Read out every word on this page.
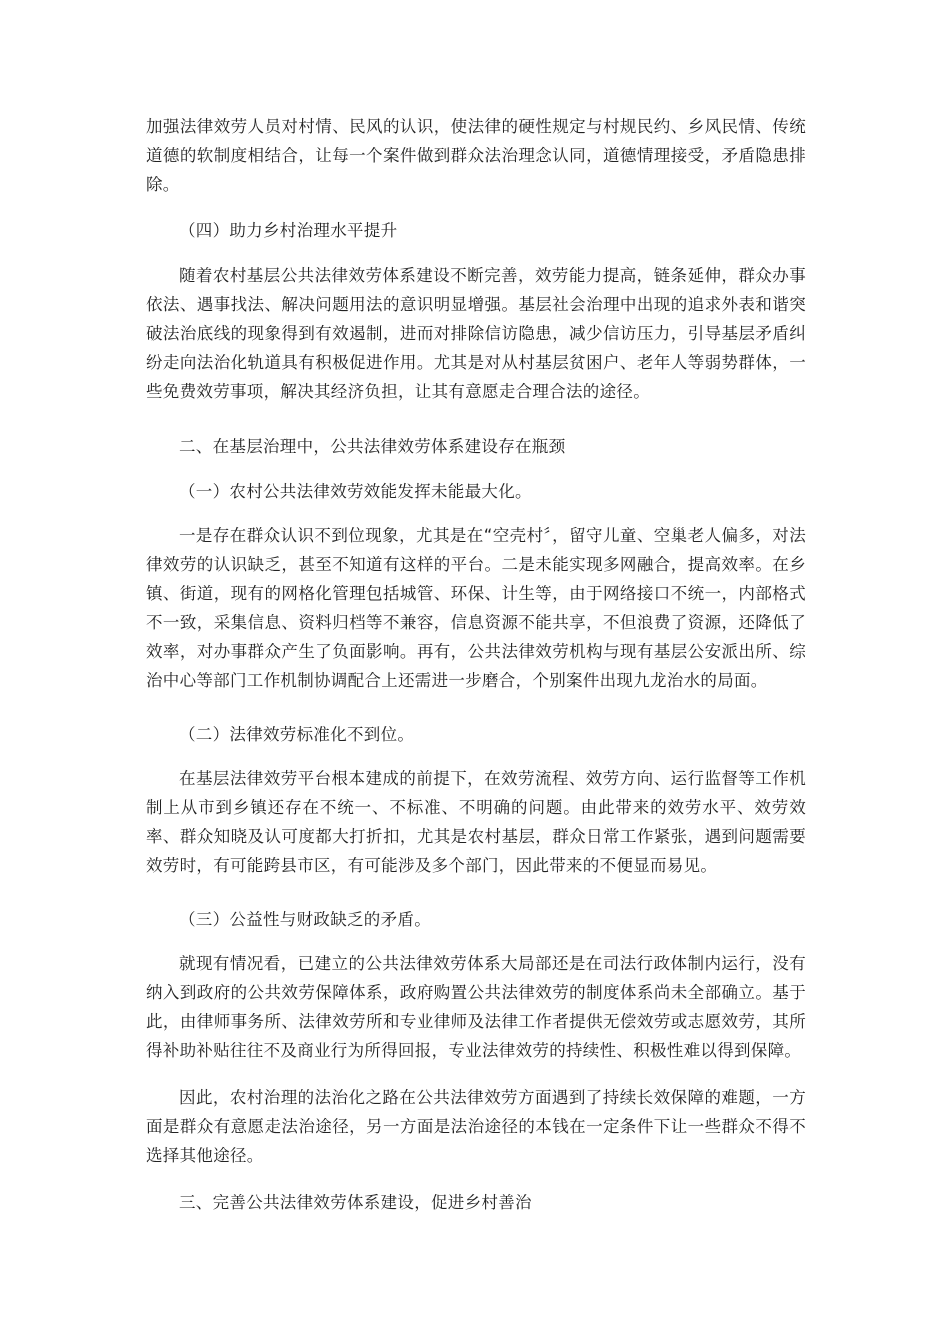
加强法律效劳人员对村情、民风的认识，使法律的硬性规定与村规民约、乡风民情、传统道德的软制度相结合，让每一个案件做到群众法治理念认同，道德情理接受，矛盾隐患排除。

（四）助力乡村治理水平提升

随着农村基层公共法律效劳体系建设不断完善，效劳能力提高，链条延伸，群众办事依法、遇事找法、解决问题用法的意识明显增强。基层社会治理中出现的追求外表和谐突破法治底线的现象得到有效遏制，进而对排除信访隐患，减少信访压力，引导基层矛盾纠纷走向法治化轨道具有积极促进作用。尤其是对从村基层贫困户、老年人等弱势群体，一些免费效劳事项，解决其经济负担，让其有意愿走合理合法的途径。

二、在基层治理中，公共法律效劳体系建设存在瓶颈

（一）农村公共法律效劳效能发挥未能最大化。

一是存在群众认识不到位现象，尤其是在“空壳村〞，留守儿童、空巢老人偏多，对法律效劳的认识缺乏，甚至不知道有这样的平台。二是未能实现多网融合，提高效率。在乡镇、街道，现有的网格化管理包括城管、环保、计生等，由于网络接口不统一，内部格式不一致，采集信息、资料归档等不兼容，信息资源不能共享，不但浪费了资源，还降低了效率，对办事群众产生了负面影响。再有，公共法律效劳机构与现有基层公安派出所、综治中心等部门工作机制协调配合上还需进一步磨合，个别案件出现九龙治水的局面。

（二）法律效劳标准化不到位。

在基层法律效劳平台根本建成的前提下，在效劳流程、效劳方向、运行监督等工作机制上从市到乡镇还存在不统一、不标准、不明确的问题。由此带来的效劳水平、效劳效率、群众知晓及认可度都大打折扣，尤其是农村基层，群众日常工作紧张，遇到问题需要效劳时，有可能跨县市区，有可能涉及多个部门，因此带来的不便显而易见。

（三）公益性与财政缺乏的矛盾。

就现有情况看，已建立的公共法律效劳体系大局部还是在司法行政体制内运行，没有纳入到政府的公共效劳保障体系，政府购置公共法律效劳的制度体系尚未全部确立。基于此，由律师事务所、法律效劳所和专业律师及法律工作者提供无偿效劳或志愿效劳，其所得补助补贴往往不及商业行为所得回报，专业法律效劳的持续性、积极性难以得到保障。

因此，农村治理的法治化之路在公共法律效劳方面遇到了持续长效保障的难题，一方面是群众有意愿走法治途径，另一方面是法治途径的本钱在一定条件下让一些群众不得不选择其他途径。

三、完善公共法律效劳体系建设，促进乡村善治
